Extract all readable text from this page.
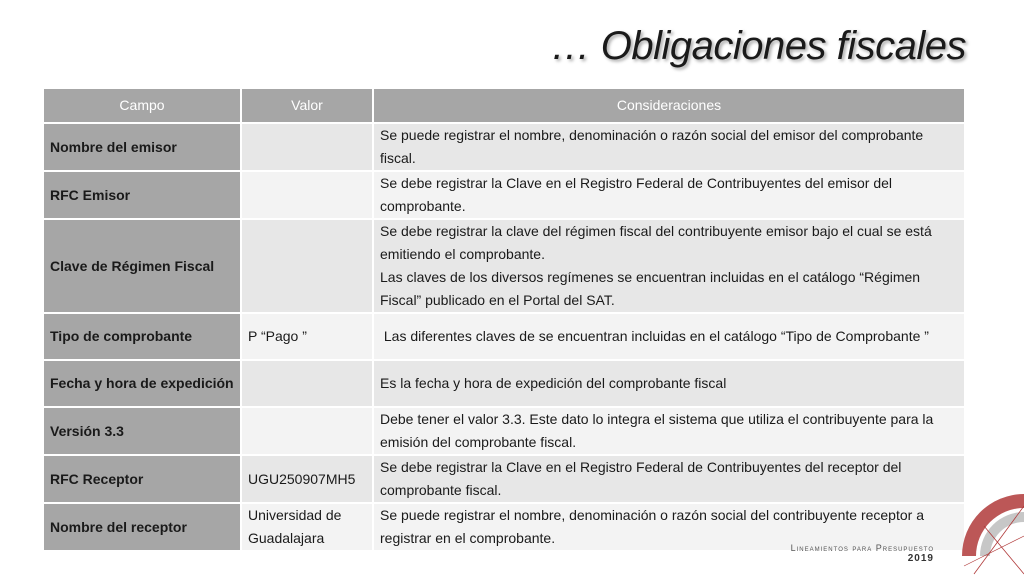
… Obligaciones fiscales
Campo	Valor	Consideraciones
Nombre del emisor		Se puede registrar el nombre, denominación o razón social del emisor del comprobante fiscal.

RFC Emisor		Se debe registrar la Clave en el Registro Federal de Contribuyentes del emisor del comprobante.

Clave de Régimen Fiscal		Se debe registrar la clave del régimen fiscal del contribuyente emisor bajo el cual se está emitiendo el comprobante.
Las claves de los diversos regímenes se encuentran incluidas en el catálogo “Régimen Fiscal” publicado en el Portal del SAT.

Tipo de comprobante	P “Pago ”	Las diferentes claves de se encuentran incluidas en el catálogo “Tipo de Comprobante ”

Fecha y hora de expedición		Es la fecha y hora de expedición del comprobante fiscal

Versión 3.3		Debe tener el valor 3.3. Este dato lo integra el sistema que utiliza el contribuyente para la emisión del comprobante fiscal.

RFC Receptor	UGU250907MH5	Se debe registrar la Clave en el Registro Federal de Contribuyentes del receptor del comprobante fiscal.

Nombre del receptor	Universidad de Guadalajara	Se puede registrar el nombre, denominación o razón social del contribuyente receptor a registrar en el comprobante.
Lineamientos para Presupuesto
2019
